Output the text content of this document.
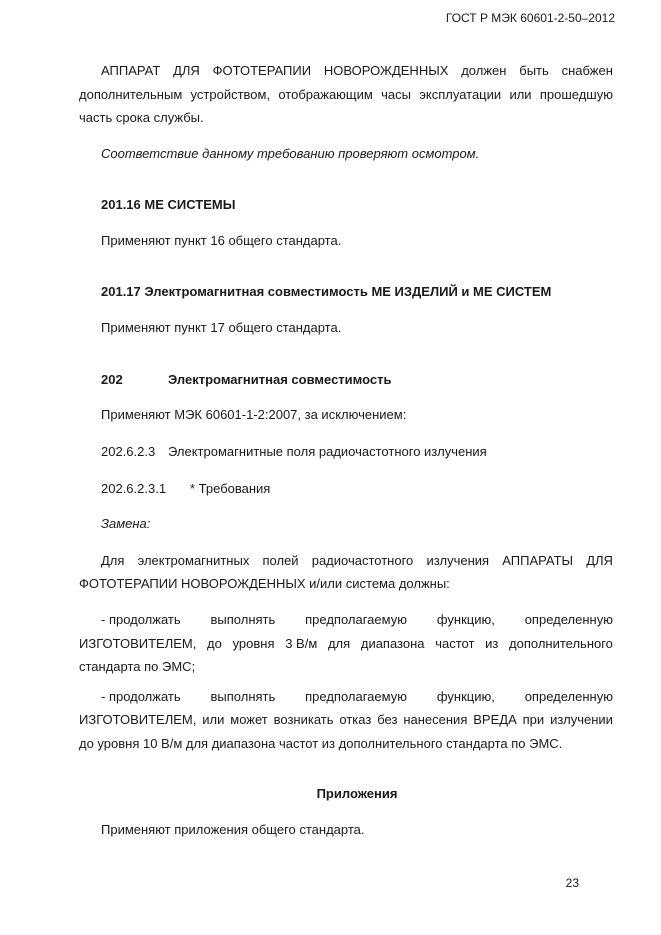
ГОСТ Р МЭК 60601-2-50–2012
АППАРАТ ДЛЯ ФОТОТЕРАПИИ НОВОРОЖДЕННЫХ должен быть снабжен
дополнительным устройством, отображающим часы эксплуатации или прошедшую
часть срока службы.
Соответствие данному требованию проверяют осмотром.
201.16 МЕ СИСТЕМЫ
Применяют пункт 16 общего стандарта.
201.17 Электромагнитная совместимость МЕ ИЗДЕЛИЙ и МЕ СИСТЕМ
Применяют пункт 17 общего стандарта.
202	Электромагнитная совместимость
Применяют МЭК 60601-1-2:2007, за исключением:
202.6.2.3 Электромагнитные поля радиочастотного излучения
202.6.2.3.1 * Требования
Замена:
Для электромагнитных полей радиочастотного излучения АППАРАТЫ ДЛЯ
ФОТОТЕРАПИИ НОВОРОЖДЕННЫХ и/или система должны:
- продолжать выполнять предполагаемую функцию, определенную
ИЗГОТОВИТЕЛЕМ, до уровня 3 В/м для диапазона частот из дополнительного
стандарта по ЭМС;
- продолжать выполнять предполагаемую функцию, определенную
ИЗГОТОВИТЕЛЕМ, или может возникать отказ без нанесения ВРЕДА при излучении
до уровня 10 В/м для диапазона частот из дополнительного стандарта по ЭМС.
Приложения
Применяют приложения общего стандарта.
23
